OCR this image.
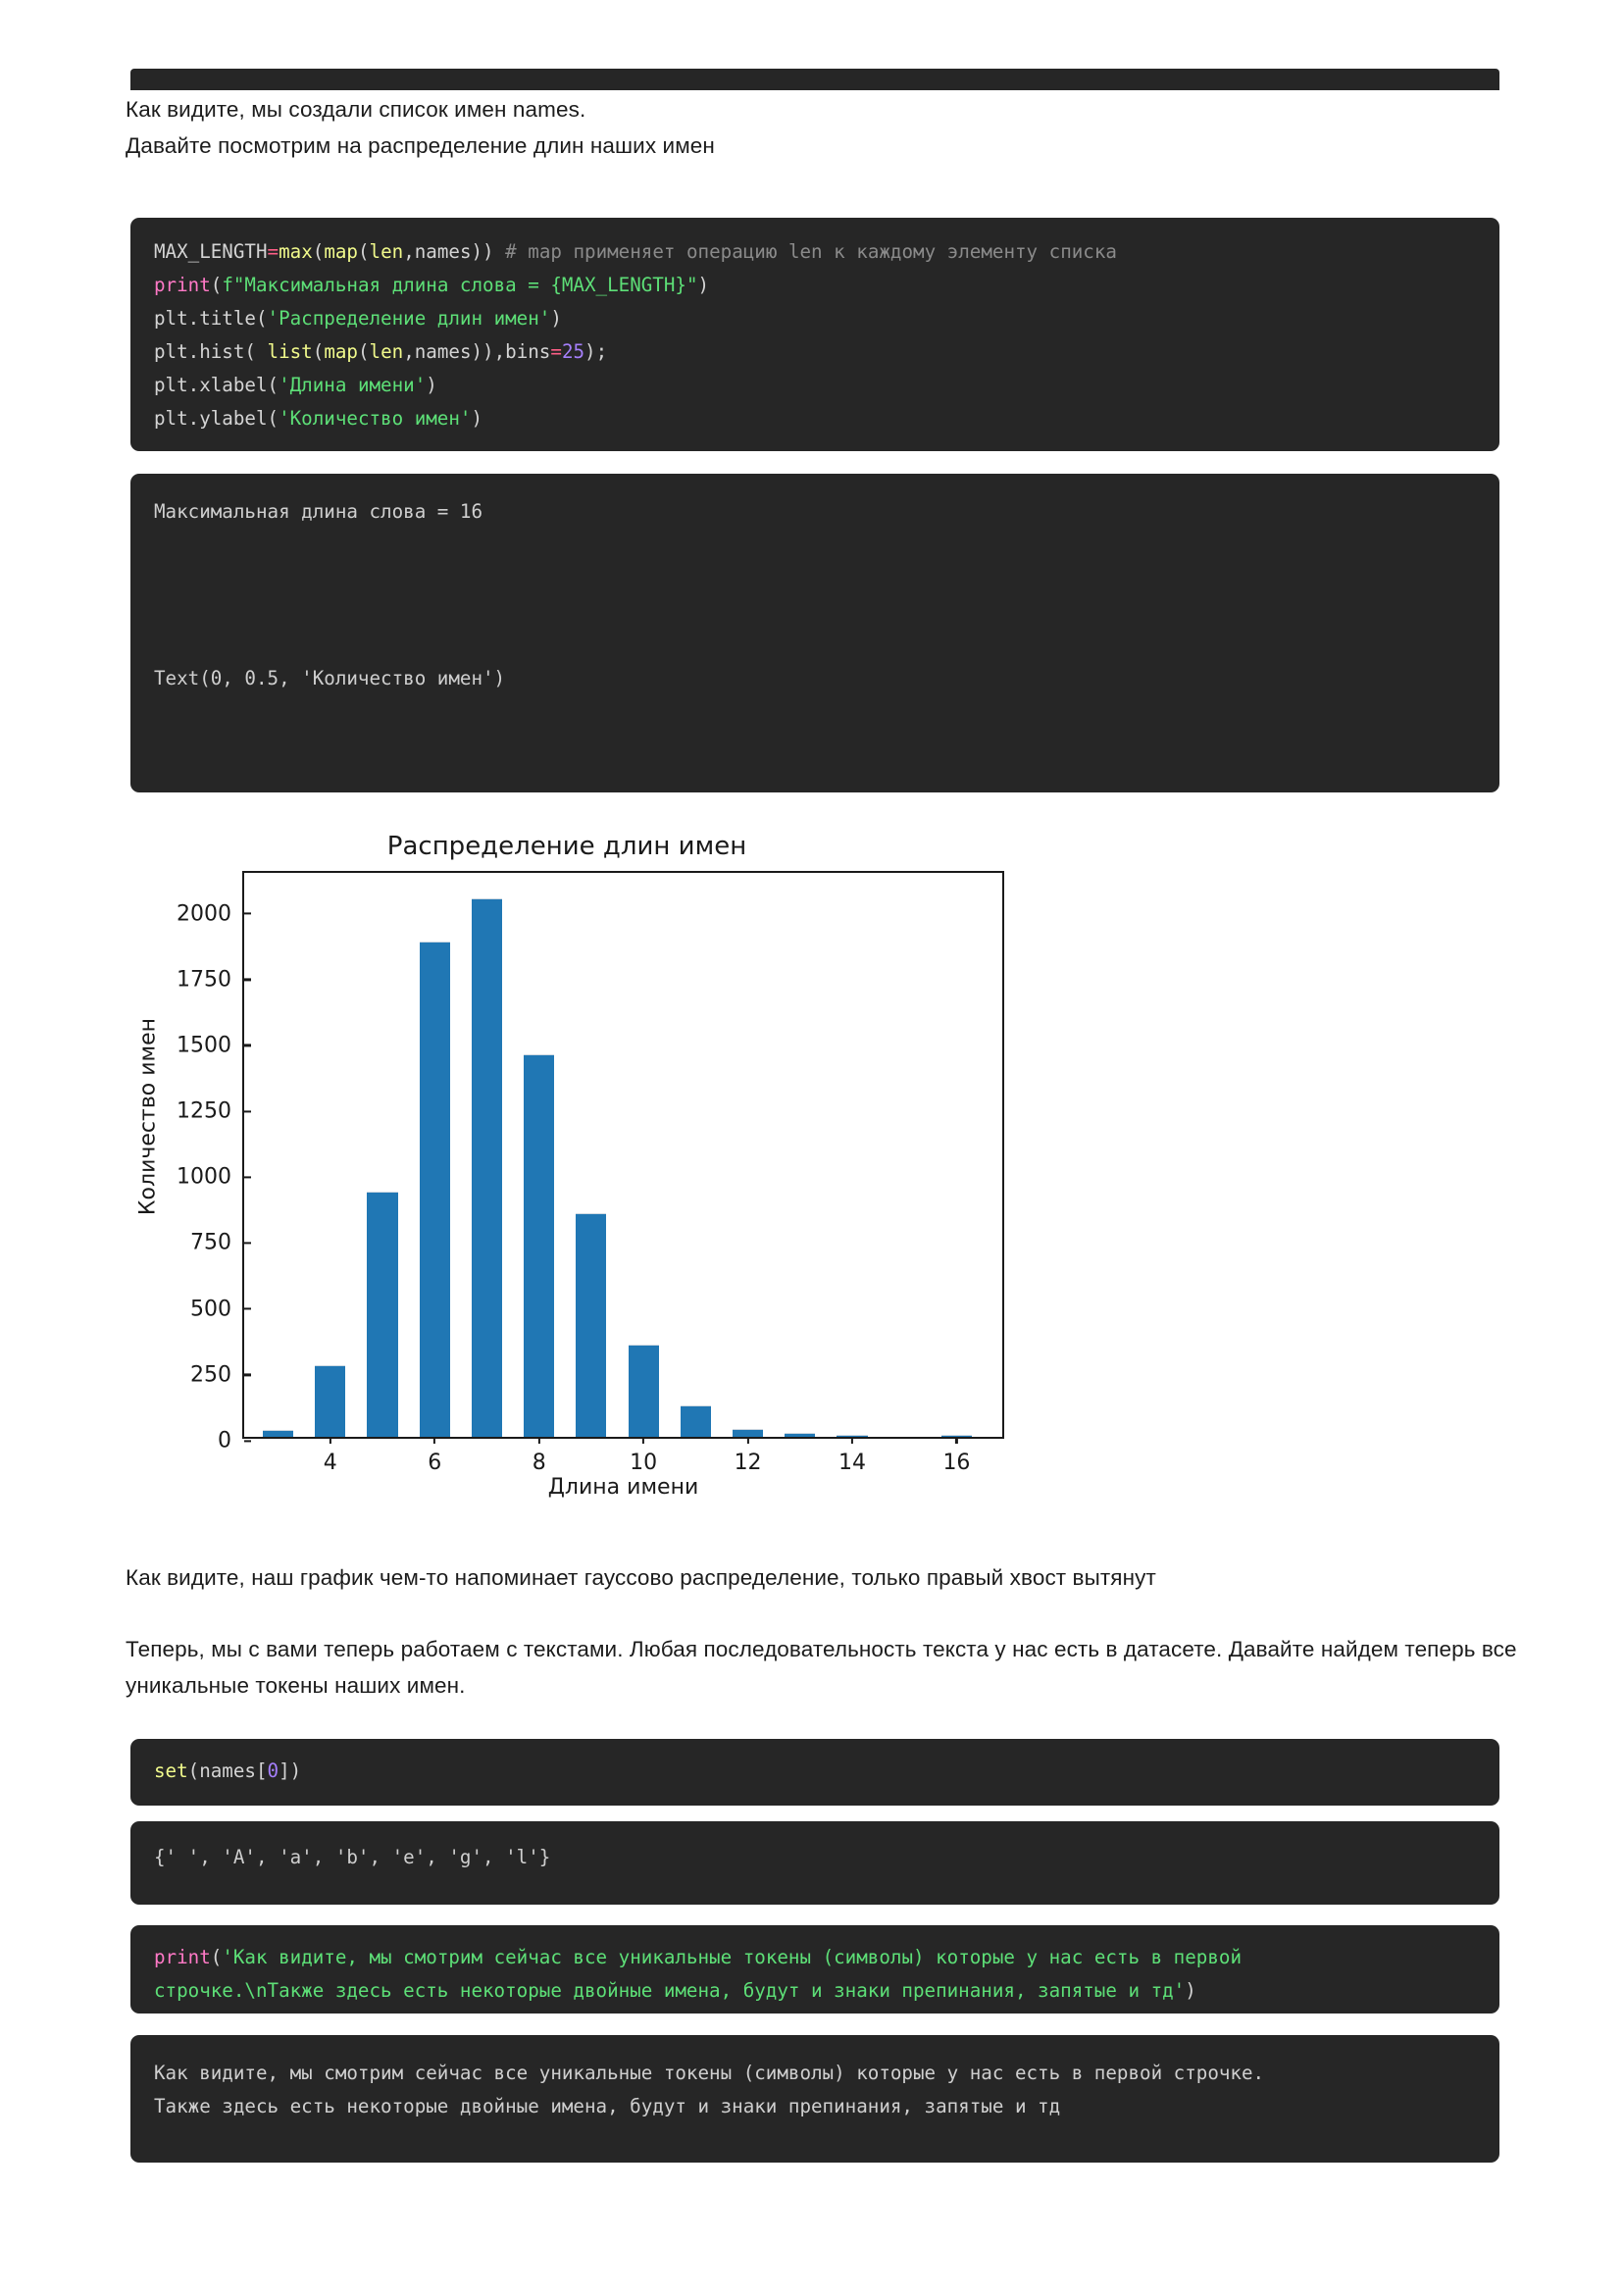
Как видите, мы создали список имен names.
Давайте посмотрим на распределение длин наших имен
MAX_LENGTH=max(map(len,names)) # map применяет операцию len к каждому элементу списка
print(f"Максимальная длина слова = {MAX_LENGTH}")
plt.title('Распределение длин имен')
plt.hist( list(map(len,names)),bins=25);
plt.xlabel('Длина имени')
plt.ylabel('Количество имен')
Максимальная длина слова = 16

Text(0, 0.5, 'Количество имен')
Распределение длин имен
0
250
500
750
1000
1250
1500
1750
2000
4	6	8	10	12	14	16
Длина имени
Количество имен
Как видите, наш график чем-то напоминает гауссово распределение, только правый хвост вытянут
Теперь, мы с вами теперь работаем с текстами. Любая последовательность текста у нас есть в датасете. Давайте найдем теперь все уникальные токены наших имен.
set(names[0])
{' ', 'A', 'a', 'b', 'e', 'g', 'l'}
print('Как видите, мы смотрим сейчас все уникальные токены (символы) которые у нас есть в первой
строчке.\nТакже здесь есть некоторые двойные имена, будут и знаки препинания, запятые и тд')
Как видите, мы смотрим сейчас все уникальные токены (символы) которые у нас есть в первой строчке.
Также здесь есть некоторые двойные имена, будут и знаки препинания, запятые и тд
